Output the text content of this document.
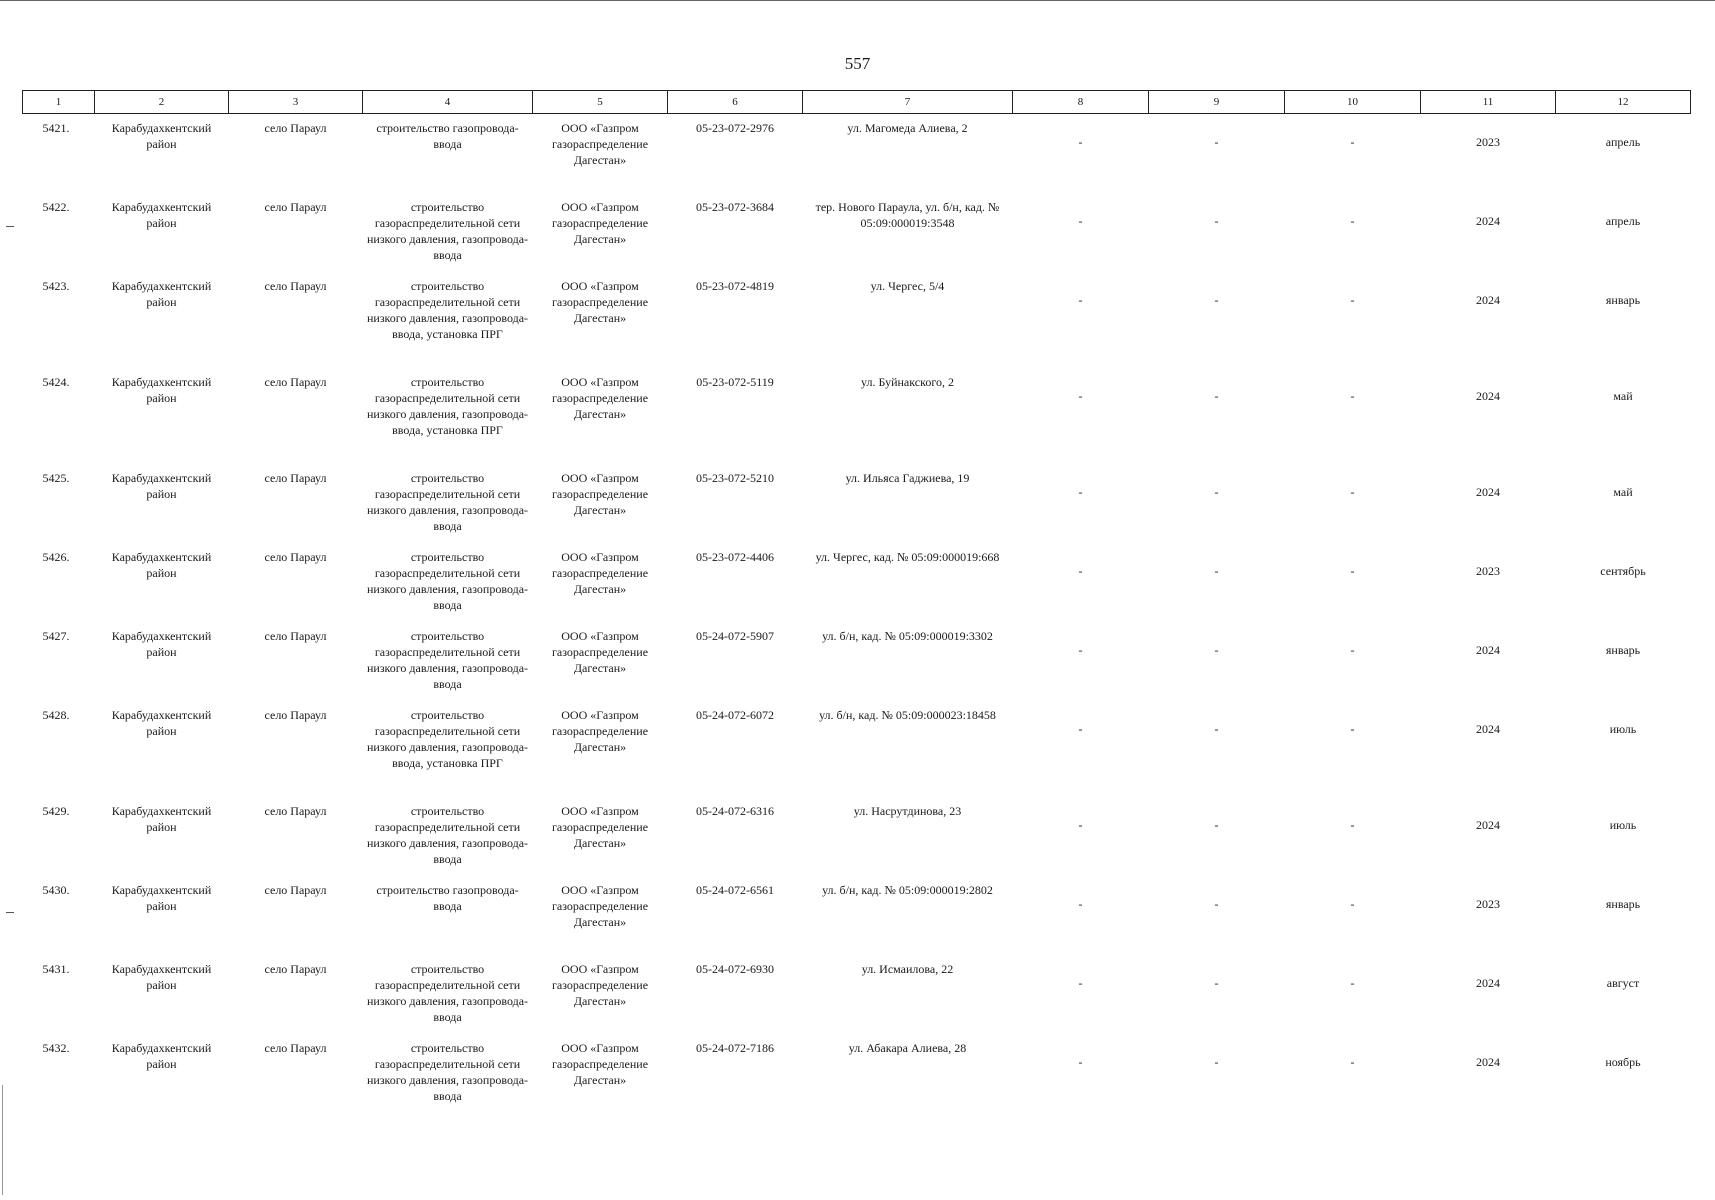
557
1	2	3	4	5	6	7	8	9	10	11	12
5421.	Карабудахкентский район	село Параул	строительство газопровода-ввода	ООО «Газпром газораспределение Дагестан»	05-23-072-2976	ул. Магомеда Алиева, 2	-	-	-	2023	апрель
5422.	Карабудахкентский район	село Параул	строительство газораспределительной сети низкого давления, газопровода-ввода	ООО «Газпром газораспределение Дагестан»	05-23-072-3684	тер. Нового Параула, ул. б/н, кад. № 05:09:000019:3548	-	-	-	2024	апрель
5423.	Карабудахкентский район	село Параул	строительство газораспределительной сети низкого давления, газопровода-ввода, установка ПРГ	ООО «Газпром газораспределение Дагестан»	05-23-072-4819	ул. Чергес, 5/4	-	-	-	2024	январь
5424.	Карабудахкентский район	село Параул	строительство газораспределительной сети низкого давления, газопровода-ввода, установка ПРГ	ООО «Газпром газораспределение Дагестан»	05-23-072-5119	ул. Буйнакского, 2	-	-	-	2024	май
5425.	Карабудахкентский район	село Параул	строительство газораспределительной сети низкого давления, газопровода-ввода	ООО «Газпром газораспределение Дагестан»	05-23-072-5210	ул. Ильяса Гаджиева, 19	-	-	-	2024	май
5426.	Карабудахкентский район	село Параул	строительство газораспределительной сети низкого давления, газопровода-ввода	ООО «Газпром газораспределение Дагестан»	05-23-072-4406	ул. Чергес, кад. № 05:09:000019:668	-	-	-	2023	сентябрь
5427.	Карабудахкентский район	село Параул	строительство газораспределительной сети низкого давления, газопровода-ввода	ООО «Газпром газораспределение Дагестан»	05-24-072-5907	ул. б/н, кад. № 05:09:000019:3302	-	-	-	2024	январь
5428.	Карабудахкентский район	село Параул	строительство газораспределительной сети низкого давления, газопровода-ввода, установка ПРГ	ООО «Газпром газораспределение Дагестан»	05-24-072-6072	ул. б/н, кад. № 05:09:000023:18458	-	-	-	2024	июль
5429.	Карабудахкентский район	село Параул	строительство газораспределительной сети низкого давления, газопровода-ввода	ООО «Газпром газораспределение Дагестан»	05-24-072-6316	ул. Насрутдинова, 23	-	-	-	2024	июль
5430.	Карабудахкентский район	село Параул	строительство газопровода-ввода	ООО «Газпром газораспределение Дагестан»	05-24-072-6561	ул. б/н, кад. № 05:09:000019:2802	-	-	-	2023	январь
5431.	Карабудахкентский район	село Параул	строительство газораспределительной сети низкого давления, газопровода-ввода	ООО «Газпром газораспределение Дагестан»	05-24-072-6930	ул. Исмаилова, 22	-	-	-	2024	август
5432.	Карабудахкентский район	село Параул	строительство газораспределительной сети низкого давления, газопровода-ввода	ООО «Газпром газораспределение Дагестан»	05-24-072-7186	ул. Абакара Алиева, 28	-	-	-	2024	ноябрь
